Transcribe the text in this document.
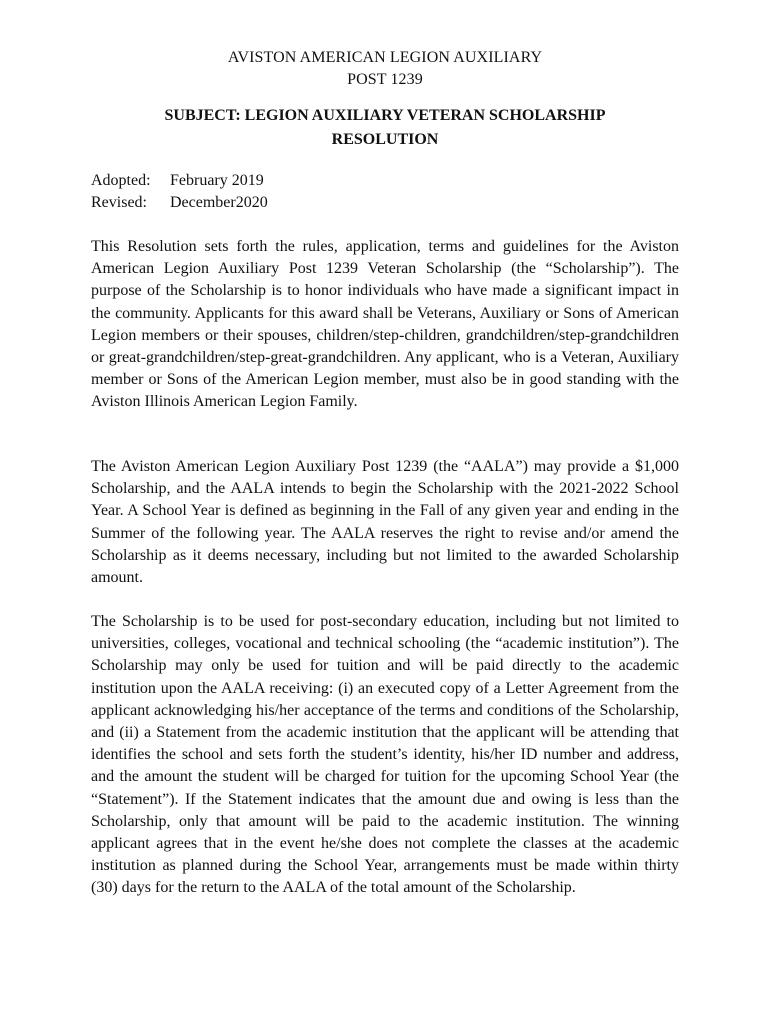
AVISTON AMERICAN LEGION AUXILIARY
POST 1239
SUBJECT: LEGION AUXILIARY VETERAN SCHOLARSHIP RESOLUTION
Adopted:	February 2019
Revised:	December2020

This Resolution sets forth the rules, application, terms and guidelines for the Aviston American Legion Auxiliary Post 1239 Veteran Scholarship (the “Scholarship”). The purpose of the Scholarship is to honor individuals who have made a significant impact in the community. Applicants for this award shall be Veterans, Auxiliary or Sons of American Legion members or their spouses, children/step-children, grandchildren/step-grandchildren or great-grandchildren/step-great-grandchildren. Any applicant, who is a Veteran, Auxiliary member or Sons of the American Legion member, must also be in good standing with the Aviston Illinois American Legion Family.

The Aviston American Legion Auxiliary Post 1239 (the “AALA”) may provide a $1,000 Scholarship, and the AALA intends to begin the Scholarship with the 2021-2022 School Year. A School Year is defined as beginning in the Fall of any given year and ending in the Summer of the following year. The AALA reserves the right to revise and/or amend the Scholarship as it deems necessary, including but not limited to the awarded Scholarship amount.

The Scholarship is to be used for post-secondary education, including but not limited to universities, colleges, vocational and technical schooling (the “academic institution”). The Scholarship may only be used for tuition and will be paid directly to the academic institution upon the AALA receiving: (i) an executed copy of a Letter Agreement from the applicant acknowledging his/her acceptance of the terms and conditions of the Scholarship, and (ii) a Statement from the academic institution that the applicant will be attending that identifies the school and sets forth the student’s identity, his/her ID number and address, and the amount the student will be charged for tuition for the upcoming School Year (the “Statement”). If the Statement indicates that the amount due and owing is less than the Scholarship, only that amount will be paid to the academic institution. The winning applicant agrees that in the event he/she does not complete the classes at the academic institution as planned during the School Year, arrangements must be made within thirty (30) days for the return to the AALA of the total amount of the Scholarship.
